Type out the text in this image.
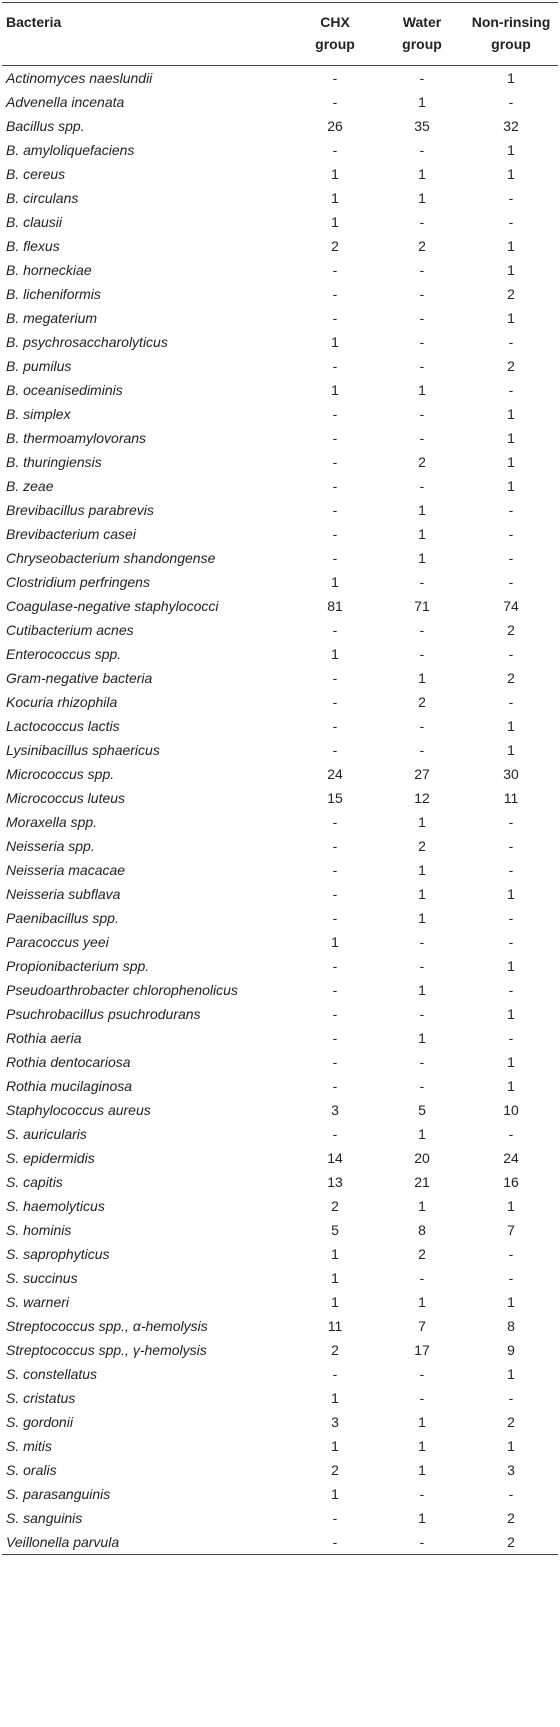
Bacteria	CHX group	Water group	Non-rinsing group
Actinomyces naeslundii	-	-	1
Advenella incenata	-	1	-
Bacillus spp.	26	35	32
B. amyloliquefaciens	-	-	1
B. cereus	1	1	1
B. circulans	1	1	-
B. clausii	1	-	-
B. flexus	2	2	1
B. horneckiae	-	-	1
B. licheniformis	-	-	2
B. megaterium	-	-	1
B. psychrosaccharolyticus	1	-	-
B. pumilus	-	-	2
B. oceanisediminis	1	1	-
B. simplex	-	-	1
B. thermoamylovorans	-	-	1
B. thuringiensis	-	2	1
B. zeae	-	-	1
Brevibacillus parabrevis	-	1	-
Brevibacterium casei	-	1	-
Chryseobacterium shandongense	-	1	-
Clostridium perfringens	1	-	-
Coagulase-negative staphylococci	81	71	74
Cutibacterium acnes	-	-	2
Enterococcus spp.	1	-	-
Gram-negative bacteria	-	1	2
Kocuria rhizophila	-	2	-
Lactococcus lactis	-	-	1
Lysinibacillus sphaericus	-	-	1
Micrococcus spp.	24	27	30
Micrococcus luteus	15	12	11
Moraxella spp.	-	1	-
Neisseria spp.	-	2	-
Neisseria macacae	-	1	-
Neisseria subflava	-	1	1
Paenibacillus spp.	-	1	-
Paracoccus yeei	1	-	-
Propionibacterium spp.	-	-	1
Pseudoarthrobacter chlorophenolicus	-	1	-
Psuchrobacillus psuchrodurans	-	-	1
Rothia aeria	-	1	-
Rothia dentocariosa	-	-	1
Rothia mucilaginosa	-	-	1
Staphylococcus aureus	3	5	10
S. auricularis	-	1	-
S. epidermidis	14	20	24
S. capitis	13	21	16
S. haemolyticus	2	1	1
S. hominis	5	8	7
S. saprophyticus	1	2	-
S. succinus	1	-	-
S. warneri	1	1	1
Streptococcus spp., α-hemolysis	11	7	8
Streptococcus spp., γ-hemolysis	2	17	9
S. constellatus	-	-	1
S. cristatus	1	-	-
S. gordonii	3	1	2
S. mitis	1	1	1
S. oralis	2	1	3
S. parasanguinis	1	-	-
S. sanguinis	-	1	2
Veillonella parvula	-	-	2
